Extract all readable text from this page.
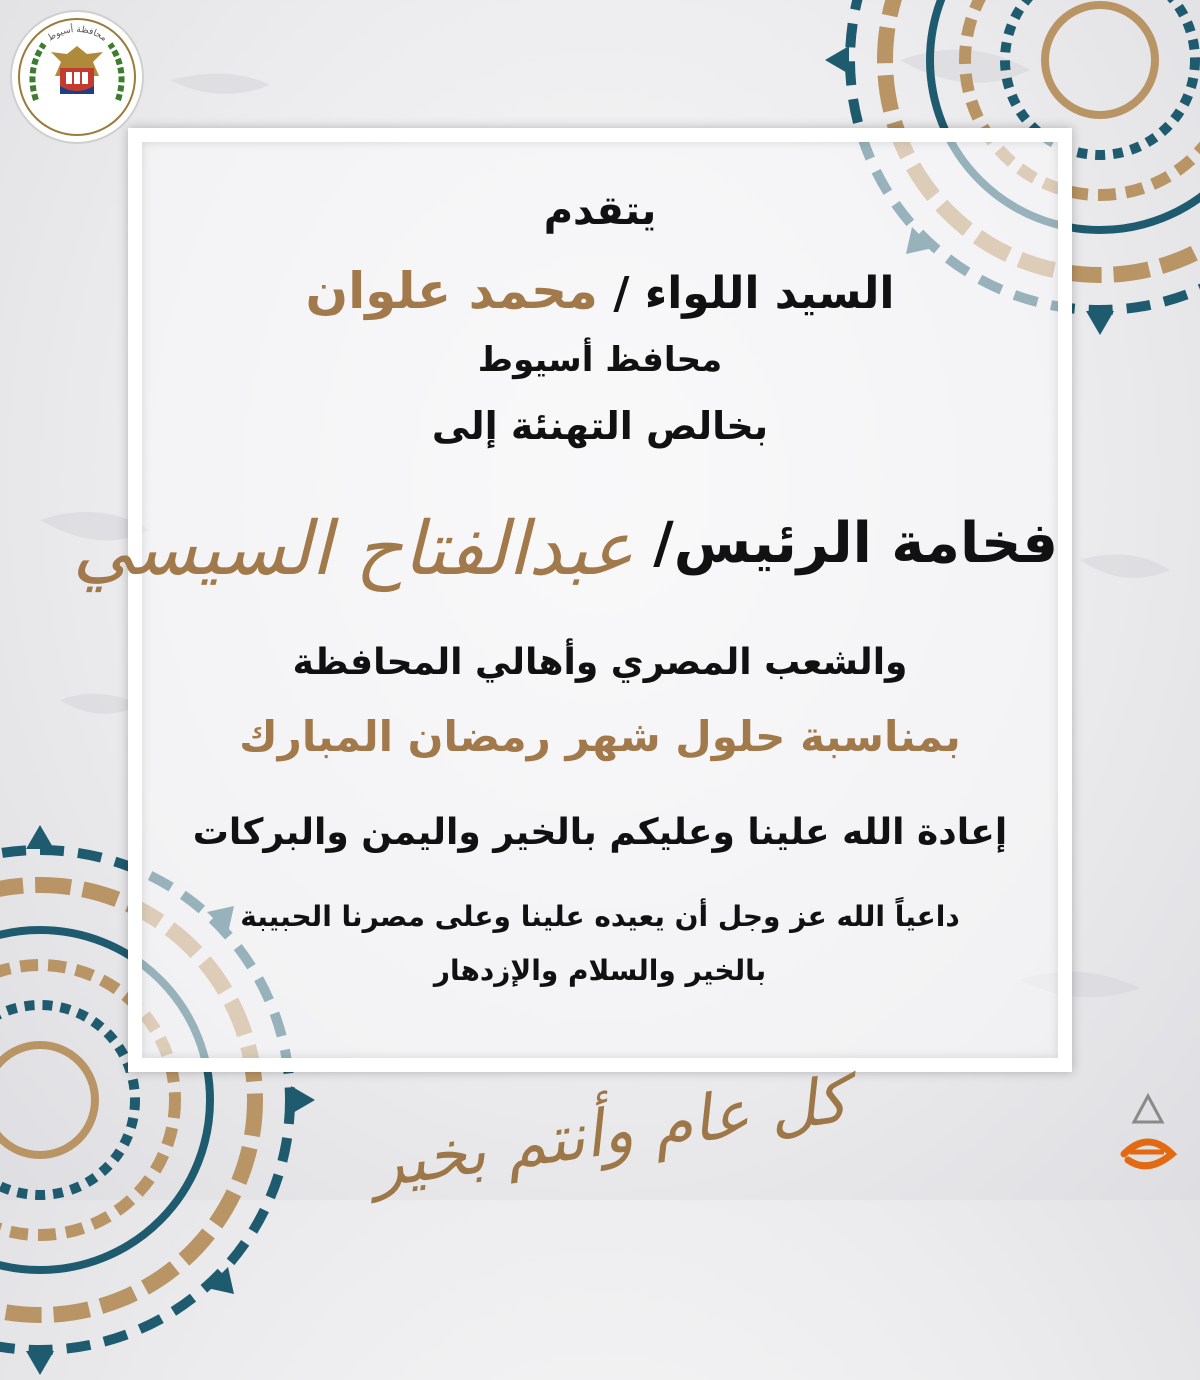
محافظة أسيوط
يتقدم
السيد اللواء / محمد علوان
محافظ أسيوط
بخالص التهنئة إلى
فخامة الرئيس/ عبدالفتاح السيسي
والشعب المصري وأهالي المحافظة
بمناسبة حلول شهر رمضان المبارك
إعادة الله علينا وعليكم بالخير واليمن والبركات
داعياً الله عز وجل أن يعيده علينا وعلى مصرنا الحبيبة
بالخير والسلام والإزدهار
كل عام وأنتم بخير
